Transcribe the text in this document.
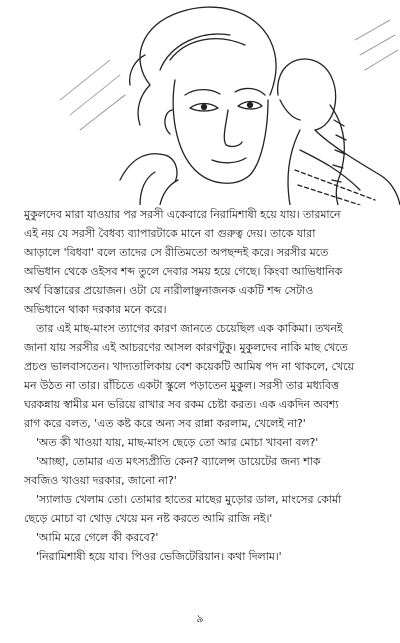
মুকুলদেব মারা যাওয়ার পর সরসী একেবারে নিরামিশাষী হয়ে যায়। তারমানে
এই নয় যে সরসী বৈধব্য ব্যাপারটাকে মানে বা গুরুত্ব দেয়। তাকে যারা
আড়ালে 'বিধবা' বলে তাদের সে রীতিমতো অপছন্দই করে। সরসীর মতে
অভিধান থেকে ওইসব শব্দ তুলে দেবার সময় হয়ে গেছে। কিংবা আভিধানিক
অর্থ বিস্তারের প্রয়োজন। ওটা যে নারীলাঞ্ছনাজনক একটি শব্দ সেটাও
অভিধানে থাকা দরকার মনে করে।
তার এই মাছ-মাংস ত্যাগের কারণ জানতে চেয়েছিল এক কাকিমা। তখনই
জানা যায় সরসীর এই আচরণের আসল কারণটুকু। মুকুলদেব নাকি মাছ খেতে
প্রচণ্ড ভালবাসতেন। খাদ্যতালিকায় বেশ কয়েকটি আমিষ পদ না থাকলে, খেয়ে
মন উঠত না তার। রাঁচিতে একটা স্কুলে পড়াতেন মুকুল। সরসী তার মধ্যবিত্ত
ঘরকন্নায় স্বামীর মন ভরিয়ে রাখার সব রকম চেষ্টা করত। এক একদিন অবশ্য
রাগ করে বলত, 'এত কষ্ট করে অন্য সব রান্না করলাম, খেলেই না?'
'অত কী খাওয়া যায়, মাছ-মাংস ছেড়ে তো আর মোচা খাবনা বল?'
'আচ্ছা, তোমার এত মৎস্যপ্রীতি কেন? ব্যালেন্স ডায়েটের জন্য শাক
সবজিও খাওয়া দরকার, জানো না?'
'স্যালাড খেলাম তো। তোমার হাতের মাছের মুড়োর ডাল, মাংসের কোর্মা
ছেড়ে মোচা বা থোড় খেয়ে মন নষ্ট করতে আমি রাজি নই।'
'আমি মরে গেলে কী করবে?'
'নিরামিশাষী হয়ে যাব। পিওর ভেজিটেরিয়ান। কথা দিলাম।'
৯
